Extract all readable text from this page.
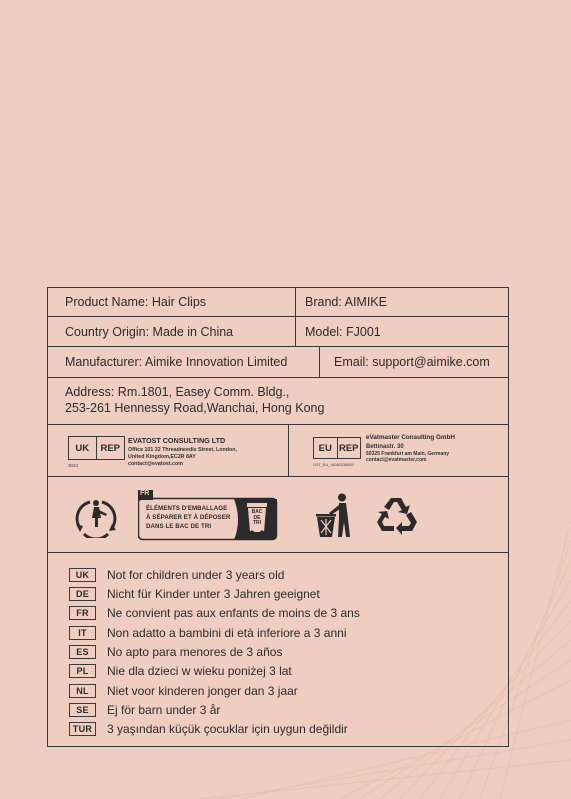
Product Name: Hair Clips	Brand: AIMIKE
Country Origin: Made in China	Model: FJ001
Manufacturer: Aimike Innovation Limited	Email: support@aimike.com
Address: Rm.1801, Easey Comm. Bldg.,
253-261 Hennessy Road,Wanchai, Hong Kong
UK	REP
3034
EVATOST CONSULTING LTD
Office 101 32 Threadneedle Street, London,
United Kingdom,EC2R 8AY
contact@evatost.com
EU REP
OST_EU_16082038509
eVatmaster Consulting GmbH
Bettinastr. 30
60325 Frankfurt am Main, Germany
contact@evatmaster.com
FR
ÉLÉMENTS D'EMBALLAGE
À SÉPARER ET À DÉPOSER
DANS LE BAC DE TRI
BAC
DE
TRI
UK	Not for children under 3 years old
DE	Nicht für Kinder unter 3 Jahren geeignet
FR	Ne convient pas aux enfants de moins de 3 ans
IT	Non adatto a bambini di età inferiore a 3 anni
ES	No apto para menores de 3 años
PL	Nie dla dzieci w wieku poniżej 3 lat
NL	Niet voor kinderen jonger dan 3 jaar
SE	Ej för barn under 3 år
TUR	3 yaşından küçük çocuklar için uygun değildir
